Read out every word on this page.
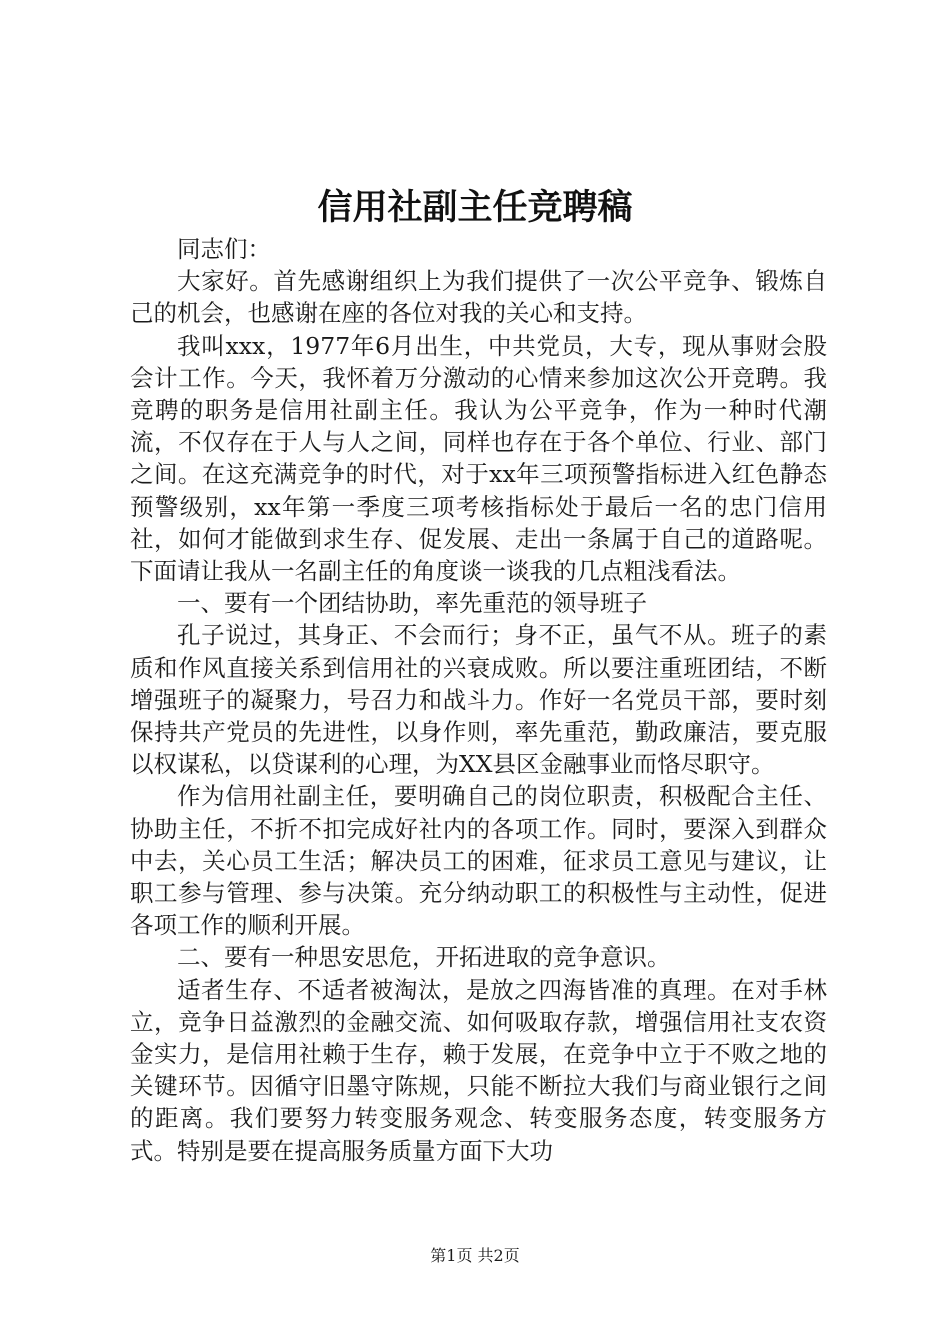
信用社副主任竞聘稿

同志们：

大家好。首先感谢组织上为我们提供了一次公平竞争、锻炼自己的机会，也感谢在座的各位对我的关心和支持。

我叫xxx，1977年6月出生，中共党员，大专，现从事财会股会计工作。今天，我怀着万分激动的心情来参加这次公开竞聘。我竞聘的职务是信用社副主任。我认为公平竞争，作为一种时代潮流，不仅存在于人与人之间，同样也存在于各个单位、行业、部门之间。在这充满竞争的时代，对于xx年三项预警指标进入红色静态预警级别，xx年第一季度三项考核指标处于最后一名的忠门信用社，如何才能做到求生存、促发展、走出一条属于自己的道路呢。下面请让我从一名副主任的角度谈一谈我的几点粗浅看法。

一、要有一个团结协助，率先重范的领导班子

孔子说过，其身正、不会而行；身不正，虽气不从。班子的素质和作风直接关系到信用社的兴衰成败。所以要注重班团结，不断增强班子的凝聚力，号召力和战斗力。作好一名党员干部，要时刻保持共产党员的先进性，以身作则，率先重范，勤政廉洁，要克服以权谋私，以贷谋利的心理，为XX县区金融事业而恪尽职守。

作为信用社副主任，要明确自己的岗位职责，积极配合主任、协助主任，不折不扣完成好社内的各项工作。同时，要深入到群众中去，关心员工生活；解决员工的困难，征求员工意见与建议，让职工参与管理、参与决策。充分纳动职工的积极性与主动性，促进各项工作的顺利开展。

二、要有一种思安思危，开拓进取的竞争意识。

适者生存、不适者被淘汰，是放之四海皆准的真理。在对手林立，竞争日益激烈的金融交流、如何吸取存款，增强信用社支农资金实力，是信用社赖于生存，赖于发展，在竞争中立于不败之地的关键环节。因循守旧墨守陈规，只能不断拉大我们与商业银行之间的距离。我们要努力转变服务观念、转变服务态度，转变服务方式。特别是要在提高服务质量方面下大功

第1页 共2页
